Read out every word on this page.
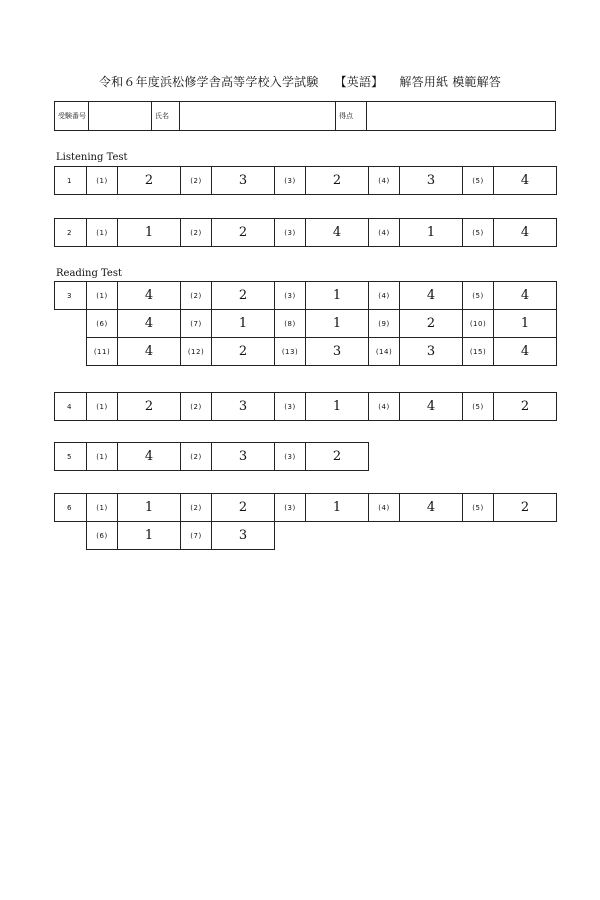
令和６年度浜松修学舎高等学校入学試験 【英語】 解答用紙 模範解答
受験番号	氏名	得点
Listening Test
Reading Test
1	(1)	2	(2)	3	(3)	2	(4)	3	(5)	4
2	(1)	1	(2)	2	(3)	4	(4)	1	(5)	4
3	(1)	4	(2)	2	(3)	1	(4)	4	(5)	4
	(6)	4	(7)	1	(8)	1	(9)	2	(10)	1
	(11)	4	(12)	2	(13)	3	(14)	3	(15)	4
4	(1)	2	(2)	3	(3)	1	(4)	4	(5)	2
5	(1)	4	(2)	3	(3)	2
6	(1)	1	(2)	2	(3)	1	(4)	4	(5)	2
	(6)	1	(7)	3						
